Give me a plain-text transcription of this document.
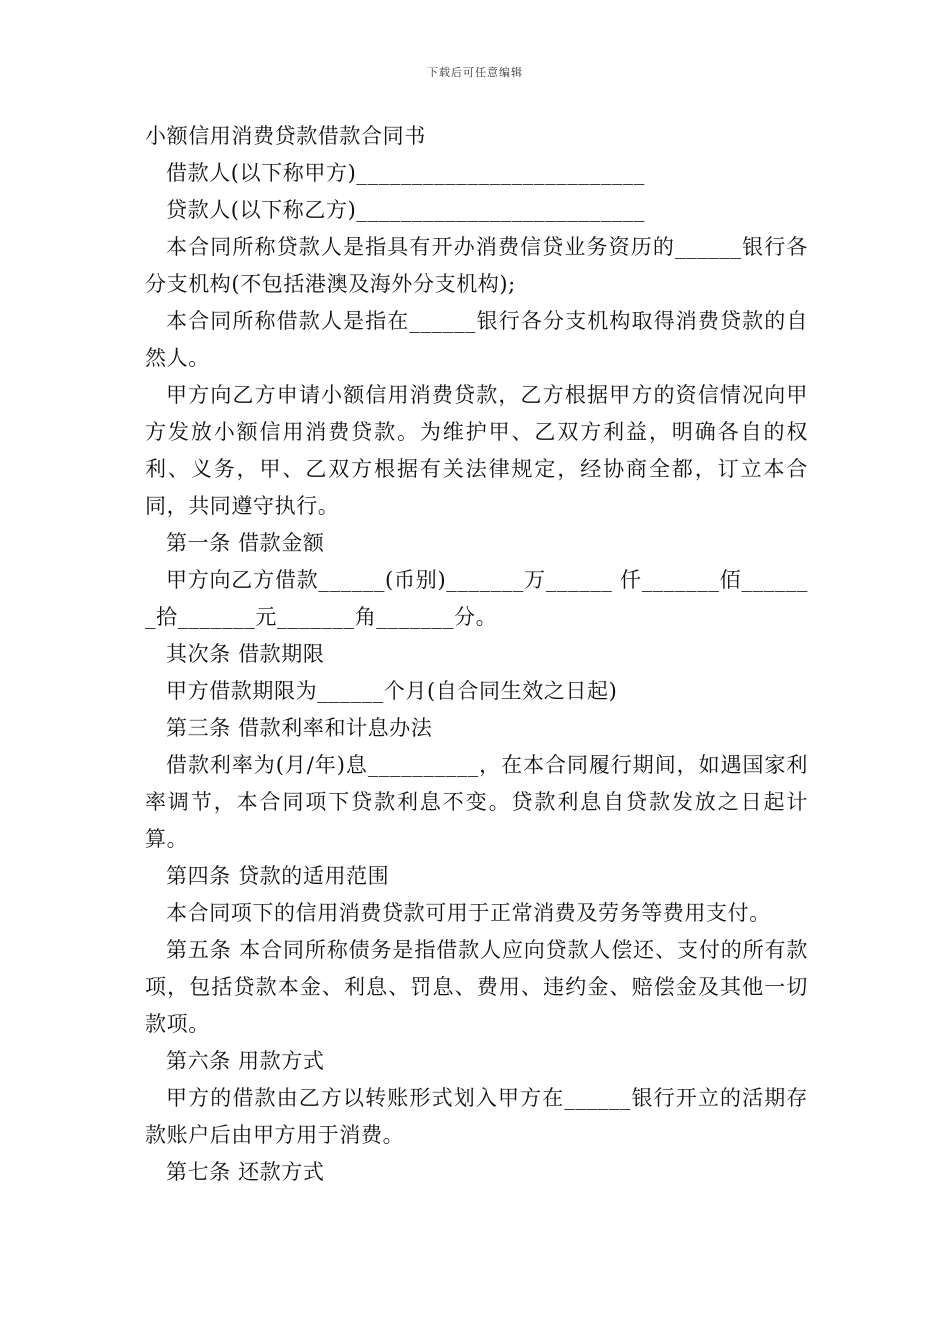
下载后可任意编辑

小额信用消费贷款借款合同书

借款人(以下称甲方)__________________________

贷款人(以下称乙方)__________________________

本合同所称贷款人是指具有开办消费信贷业务资历的______银行各分支机构(不包括港澳及海外分支机构);

本合同所称借款人是指在______银行各分支机构取得消费贷款的自然人。

甲方向乙方申请小额信用消费贷款，乙方根据甲方的资信情况向甲方发放小额信用消费贷款。为维护甲、乙双方利益，明确各自的权利、义务，甲、乙双方根据有关法律规定，经协商全都，订立本合同，共同遵守执行。

第一条 借款金额

甲方向乙方借款______(币别)_______万______ 仟_______佰_______拾_______元_______角_______分。

其次条 借款期限

甲方借款期限为______个月(自合同生效之日起)

第三条 借款利率和计息办法

借款利率为(月/年)息__________，在本合同履行期间，如遇国家利率调节，本合同项下贷款利息不变。贷款利息自贷款发放之日起计算。

第四条 贷款的适用范围

本合同项下的信用消费贷款可用于正常消费及劳务等费用支付。

第五条 本合同所称债务是指借款人应向贷款人偿还、支付的所有款项，包括贷款本金、利息、罚息、费用、违约金、赔偿金及其他一切款项。

第六条 用款方式

甲方的借款由乙方以转账形式划入甲方在______银行开立的活期存款账户后由甲方用于消费。

第七条 还款方式
